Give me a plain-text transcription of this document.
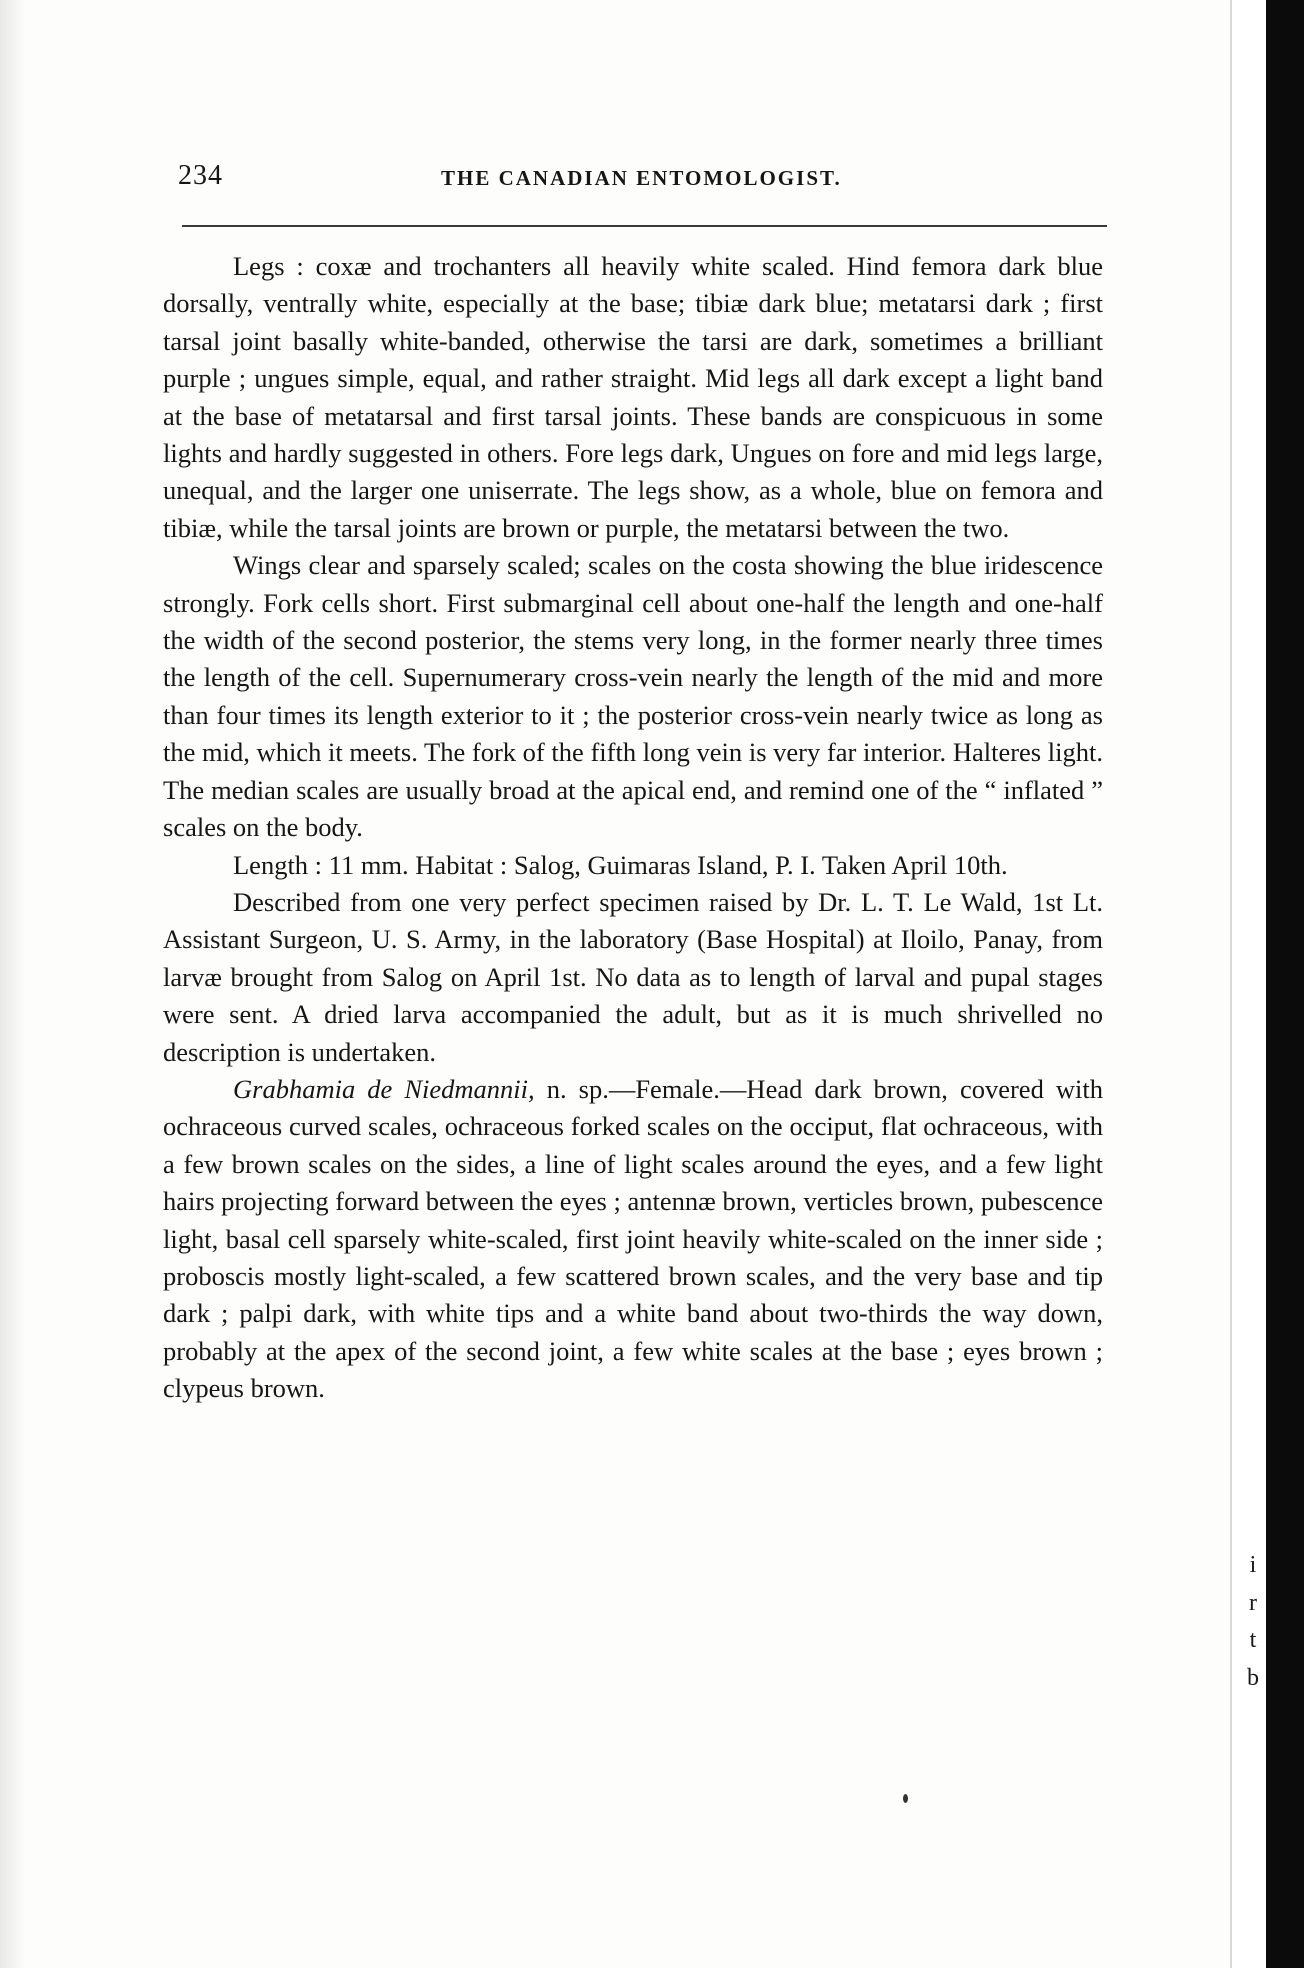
i
r
t
b
234	THE CANADIAN ENTOMOLOGIST.

Legs : coxæ and trochanters all heavily white scaled. Hind femora dark blue dorsally, ventrally white, especially at the base; tibiæ dark blue; metatarsi dark ; first tarsal joint basally white-banded, otherwise the tarsi are dark, sometimes a brilliant purple ; ungues simple, equal, and rather straight. Mid legs all dark except a light band at the base of metatarsal and first tarsal joints. These bands are conspicuous in some lights and hardly suggested in others. Fore legs dark, Ungues on fore and mid legs large, unequal, and the larger one uniserrate. The legs show, as a whole, blue on femora and tibiæ, while the tarsal joints are brown or purple, the metatarsi between the two.

Wings clear and sparsely scaled; scales on the costa showing the blue iridescence strongly. Fork cells short. First submarginal cell about one-half the length and one-half the width of the second posterior, the stems very long, in the former nearly three times the length of the cell. Supernumerary cross-vein nearly the length of the mid and more than four times its length exterior to it ; the posterior cross-vein nearly twice as long as the mid, which it meets. The fork of the fifth long vein is very far interior. Halteres light. The median scales are usually broad at the apical end, and remind one of the “ inflated ” scales on the body.

Length : 11 mm. Habitat : Salog, Guimaras Island, P. I. Taken April 10th.

Described from one very perfect specimen raised by Dr. L. T. Le Wald, 1st Lt. Assistant Surgeon, U. S. Army, in the laboratory (Base Hospital) at Iloilo, Panay, from larvæ brought from Salog on April 1st. No data as to length of larval and pupal stages were sent. A dried larva accompanied the adult, but as it is much shrivelled no description is undertaken.

Grabhamia de Niedmannii, n. sp.—Female.—Head dark brown, covered with ochraceous curved scales, ochraceous forked scales on the occiput, flat ochraceous, with a few brown scales on the sides, a line of light scales around the eyes, and a few light hairs projecting forward between the eyes ; antennæ brown, verticles brown, pubescence light, basal cell sparsely white-scaled, first joint heavily white-scaled on the inner side ; proboscis mostly light-scaled, a few scattered brown scales, and the very base and tip dark ; palpi dark, with white tips and a white band about two-thirds the way down, probably at the apex of the second joint, a few white scales at the base ; eyes brown ; clypeus brown.
